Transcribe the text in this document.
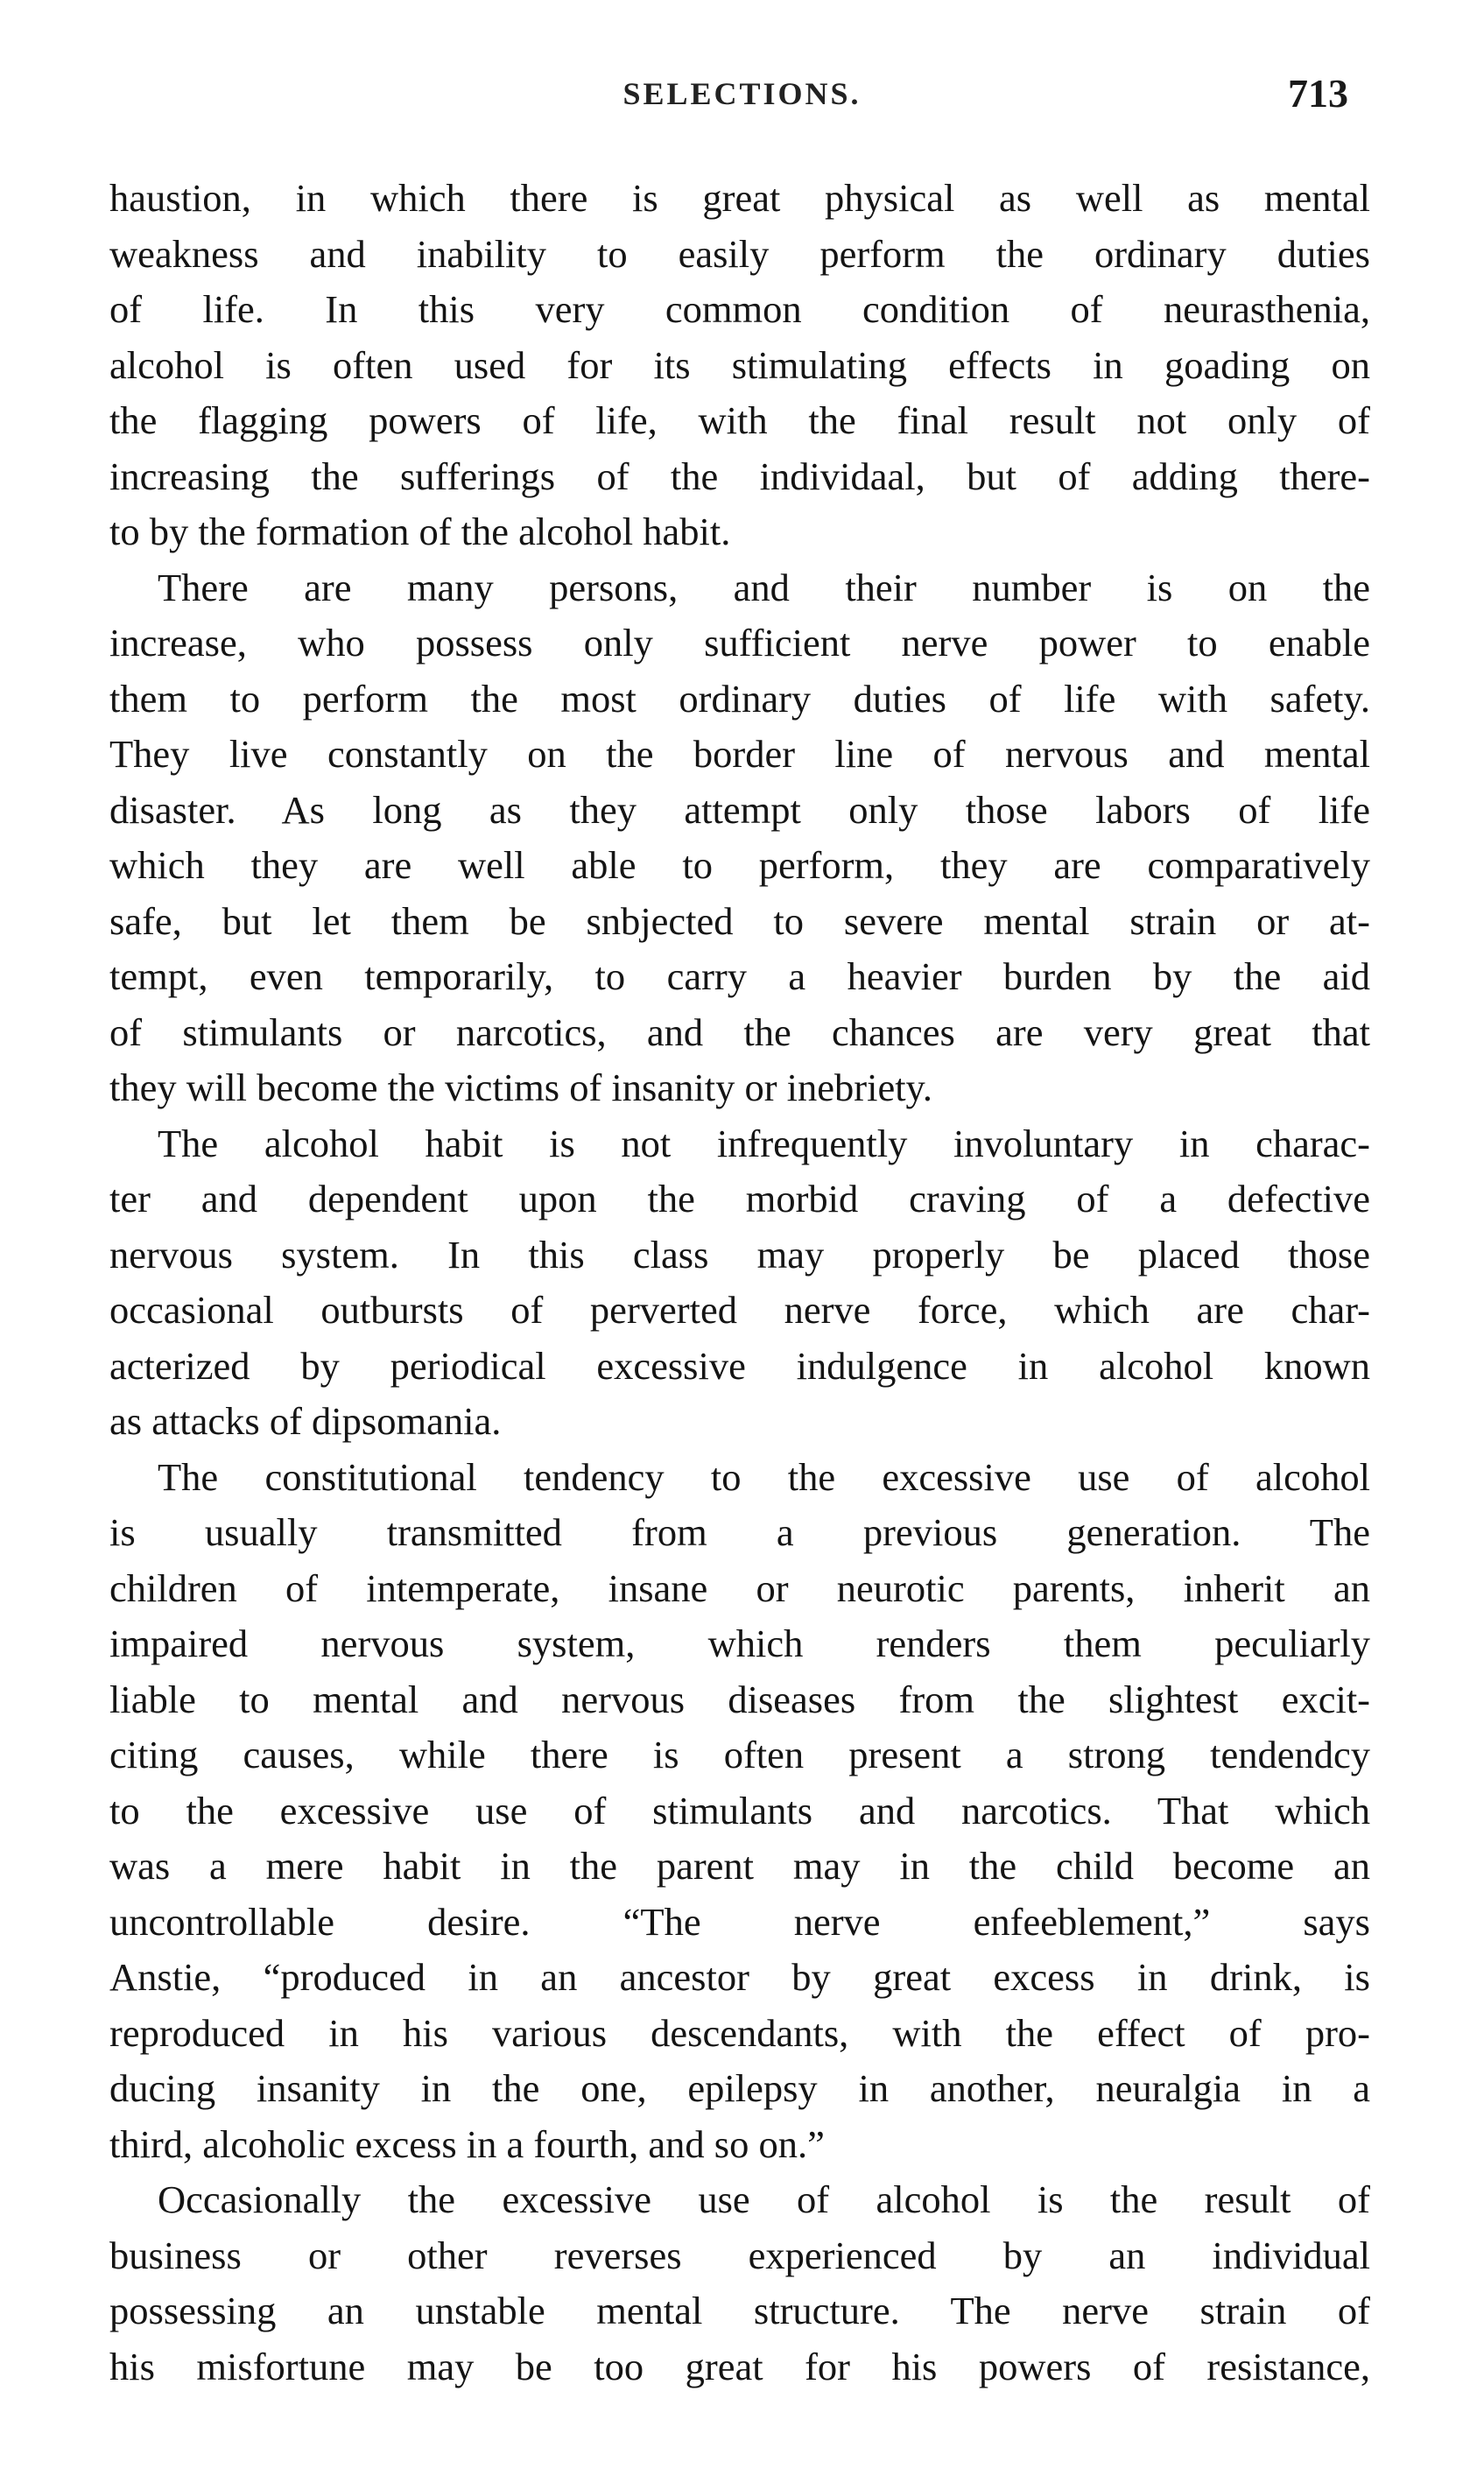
SELECTIONS.	713
haustion, in which there is great physical as well as mental
weakness and inability to easily perform the ordinary duties
of life. In this very common condition of neurasthenia,
alcohol is often used for its stimulating effects in goading on
the flagging powers of life, with the final result not only of
increasing the sufferings of the individaal, but of adding there-
to by the formation of the alcohol habit.
There are many persons, and their number is on the
increase, who possess only sufficient nerve power to enable
them to perform the most ordinary duties of life with safety.
They live constantly on the border line of nervous and mental
disaster. As long as they attempt only those labors of life
which they are well able to perform, they are comparatively
safe, but let them be snbjected to severe mental strain or at-
tempt, even temporarily, to carry a heavier burden by the aid
of stimulants or narcotics, and the chances are very great that
they will become the victims of insanity or inebriety.
The alcohol habit is not infrequently involuntary in charac-
ter and dependent upon the morbid craving of a defective
nervous system. In this class may properly be placed those
occasional outbursts of perverted nerve force, which are char-
acterized by periodical excessive indulgence in alcohol known
as attacks of dipsomania.
The constitutional tendency to the excessive use of alcohol
is usually transmitted from a previous generation. The
children of intemperate, insane or neurotic parents, inherit an
impaired nervous system, which renders them peculiarly
liable to mental and nervous diseases from the slightest excit-
citing causes, while there is often present a strong tendendcy
to the excessive use of stimulants and narcotics. That which
was a mere habit in the parent may in the child become an
uncontrollable desire. “The nerve enfeeblement,” says
Anstie, “produced in an ancestor by great excess in drink, is
reproduced in his various descendants, with the effect of pro-
ducing insanity in the one, epilepsy in another, neuralgia in a
third, alcoholic excess in a fourth, and so on.”
Occasionally the excessive use of alcohol is the result of
business or other reverses experienced by an individual
possessing an unstable mental structure. The nerve strain of
his misfortune may be too great for his powers of resistance,
